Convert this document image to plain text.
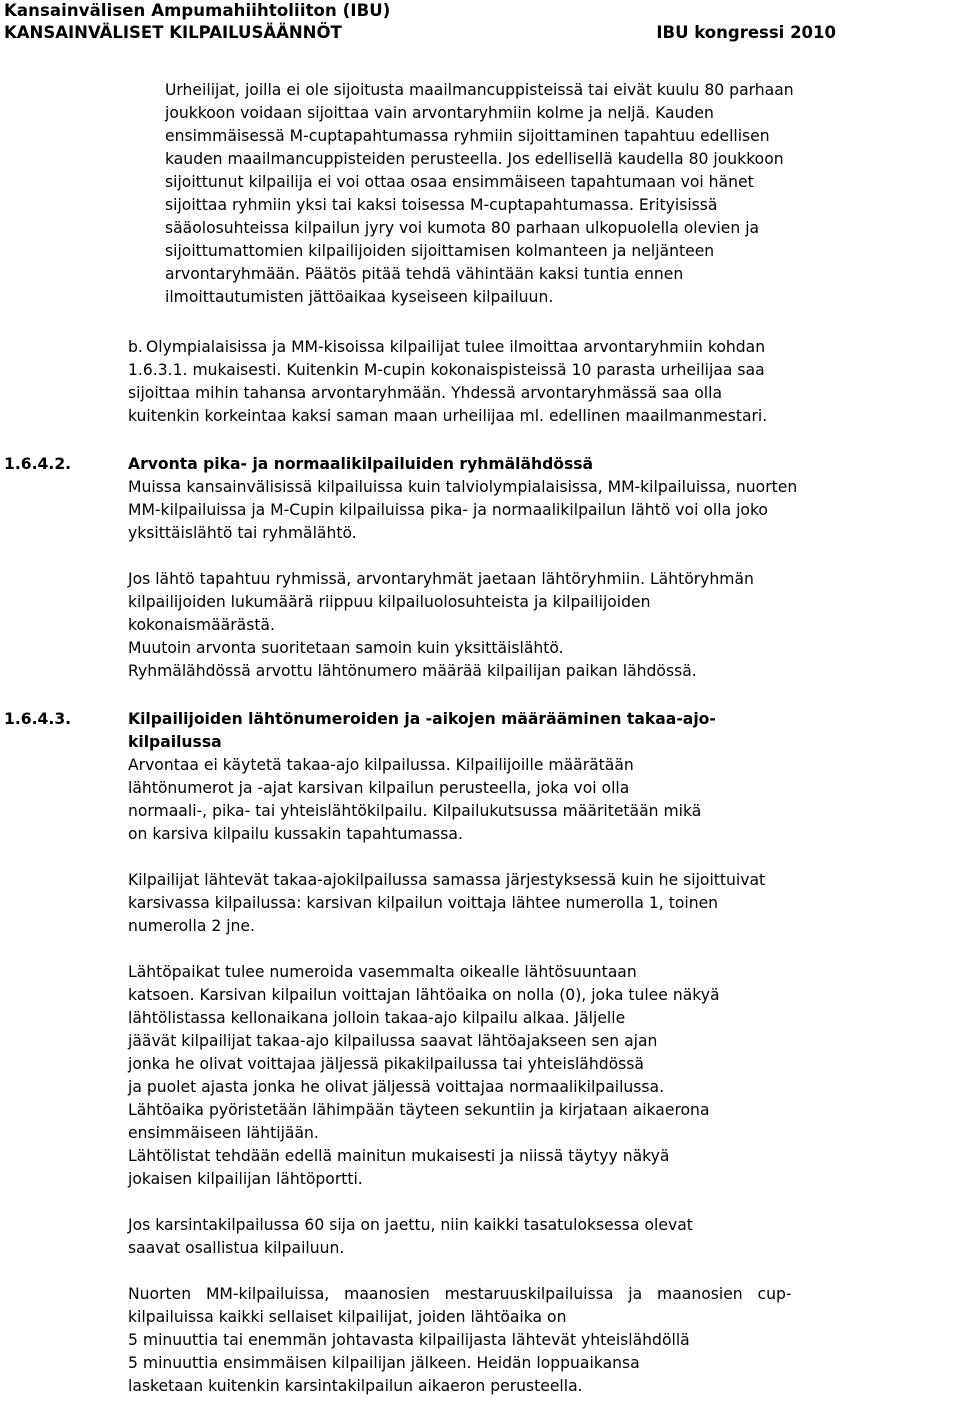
Kansainvälisen Ampumahiihtoliiton (IBU)
KANSAINVÄLISET KILPAILUSÄÄNNÖT	IBU kongressi 2010
Urheilijat, joilla ei ole sijoitusta maailmancuppisteissä tai eivät kuulu 80 parhaan
joukkoon voidaan sijoittaa vain arvontaryhmiin kolme ja neljä. Kauden
ensimmäisessä M-cuptapahtumassa ryhmiin sijoittaminen tapahtuu edellisen
kauden maailmancuppisteiden perusteella. Jos edellisellä kaudella 80 joukkoon
sijoittunut kilpailija ei voi ottaa osaa ensimmäiseen tapahtumaan voi hänet
sijoittaa ryhmiin yksi tai kaksi toisessa M-cuptapahtumassa. Erityisissä
sääolosuhteissa kilpailun jyry voi kumota 80 parhaan ulkopuolella olevien ja
sijoittumattomien kilpailijoiden sijoittamisen kolmanteen ja neljänteen
arvontaryhmään. Päätös pitää tehdä vähintään kaksi tuntia ennen
ilmoittautumisten jättöaikaa kyseiseen kilpailuun.
b. Olympialaisissa ja MM-kisoissa kilpailijat tulee ilmoittaa arvontaryhmiin kohdan
1.6.3.1. mukaisesti. Kuitenkin M-cupin kokonaispisteissä 10 parasta urheilijaa saa
sijoittaa mihin tahansa arvontaryhmään. Yhdessä arvontaryhmässä saa olla
kuitenkin korkeintaa kaksi saman maan urheilijaa ml. edellinen maailmanmestari.
1.6.4.2.	Arvonta pika- ja normaalikilpailuiden ryhmälähdössä
Muissa kansainvälisissä kilpailuissa kuin talviolympialaisissa, MM-kilpailuissa, nuorten
MM-kilpailuissa ja M-Cupin kilpailuissa pika- ja normaalikilpailun lähtö voi olla joko
yksittäislähtö tai ryhmälähtö.
Jos lähtö tapahtuu ryhmissä, arvontaryhmät jaetaan lähtöryhmiin. Lähtöryhmän
kilpailijoiden lukumäärä riippuu kilpailuolosuhteista ja kilpailijoiden
kokonaismäärästä.
Muutoin arvonta suoritetaan samoin kuin yksittäislähtö.
Ryhmälähdössä arvottu lähtönumero määrää kilpailijan paikan lähdössä.
1.6.4.3.	Kilpailijoiden lähtönumeroiden ja -aikojen määrääminen takaa-ajo-
kilpailussa
Arvontaa ei käytetä takaa-ajo kilpailussa. Kilpailijoille määrätään
lähtönumerot ja -ajat karsivan kilpailun perusteella, joka voi olla
normaali-, pika- tai yhteislähtökilpailu. Kilpailukutsussa määritetään mikä
on karsiva kilpailu kussakin tapahtumassa.
Kilpailijat lähtevät takaa-ajokilpailussa samassa järjestyksessä kuin he sijoittuivat
karsivassa kilpailussa: karsivan kilpailun voittaja lähtee numerolla 1, toinen
numerolla 2 jne.
Lähtöpaikat tulee numeroida vasemmalta oikealle lähtösuuntaan
katsoen. Karsivan kilpailun voittajan lähtöaika on nolla (0), joka tulee näkyä
lähtölistassa kellonaikana jolloin takaa-ajo kilpailu alkaa. Jäljelle
jäävät kilpailijat takaa-ajo kilpailussa saavat lähtöajakseen sen ajan
jonka he olivat voittajaa jäljessä pikakilpailussa tai yhteislähdössä
ja puolet ajasta jonka he olivat jäljessä voittajaa normaalikilpailussa.
Lähtöaika pyöristetään lähimpään täyteen sekuntiin ja kirjataan aikaerona
ensimmäiseen lähtijään.
Lähtölistat tehdään edellä mainitun mukaisesti ja niissä täytyy näkyä
jokaisen kilpailijan lähtöportti.
Jos karsintakilpailussa 60 sija on jaettu, niin kaikki tasatuloksessa olevat
saavat osallistua kilpailuun.
Nuorten   MM-kilpailuissa,   maanosien   mestaruuskilpailuissa   ja   maanosien   cup-
kilpailuissa kaikki sellaiset kilpailijat, joiden lähtöaika on
5 minuuttia tai enemmän johtavasta kilpailijasta lähtevät yhteislähdöllä
5 minuuttia ensimmäisen kilpailijan jälkeen. Heidän loppuaikansa
lasketaan kuitenkin karsintakilpailun aikaeron perusteella.
